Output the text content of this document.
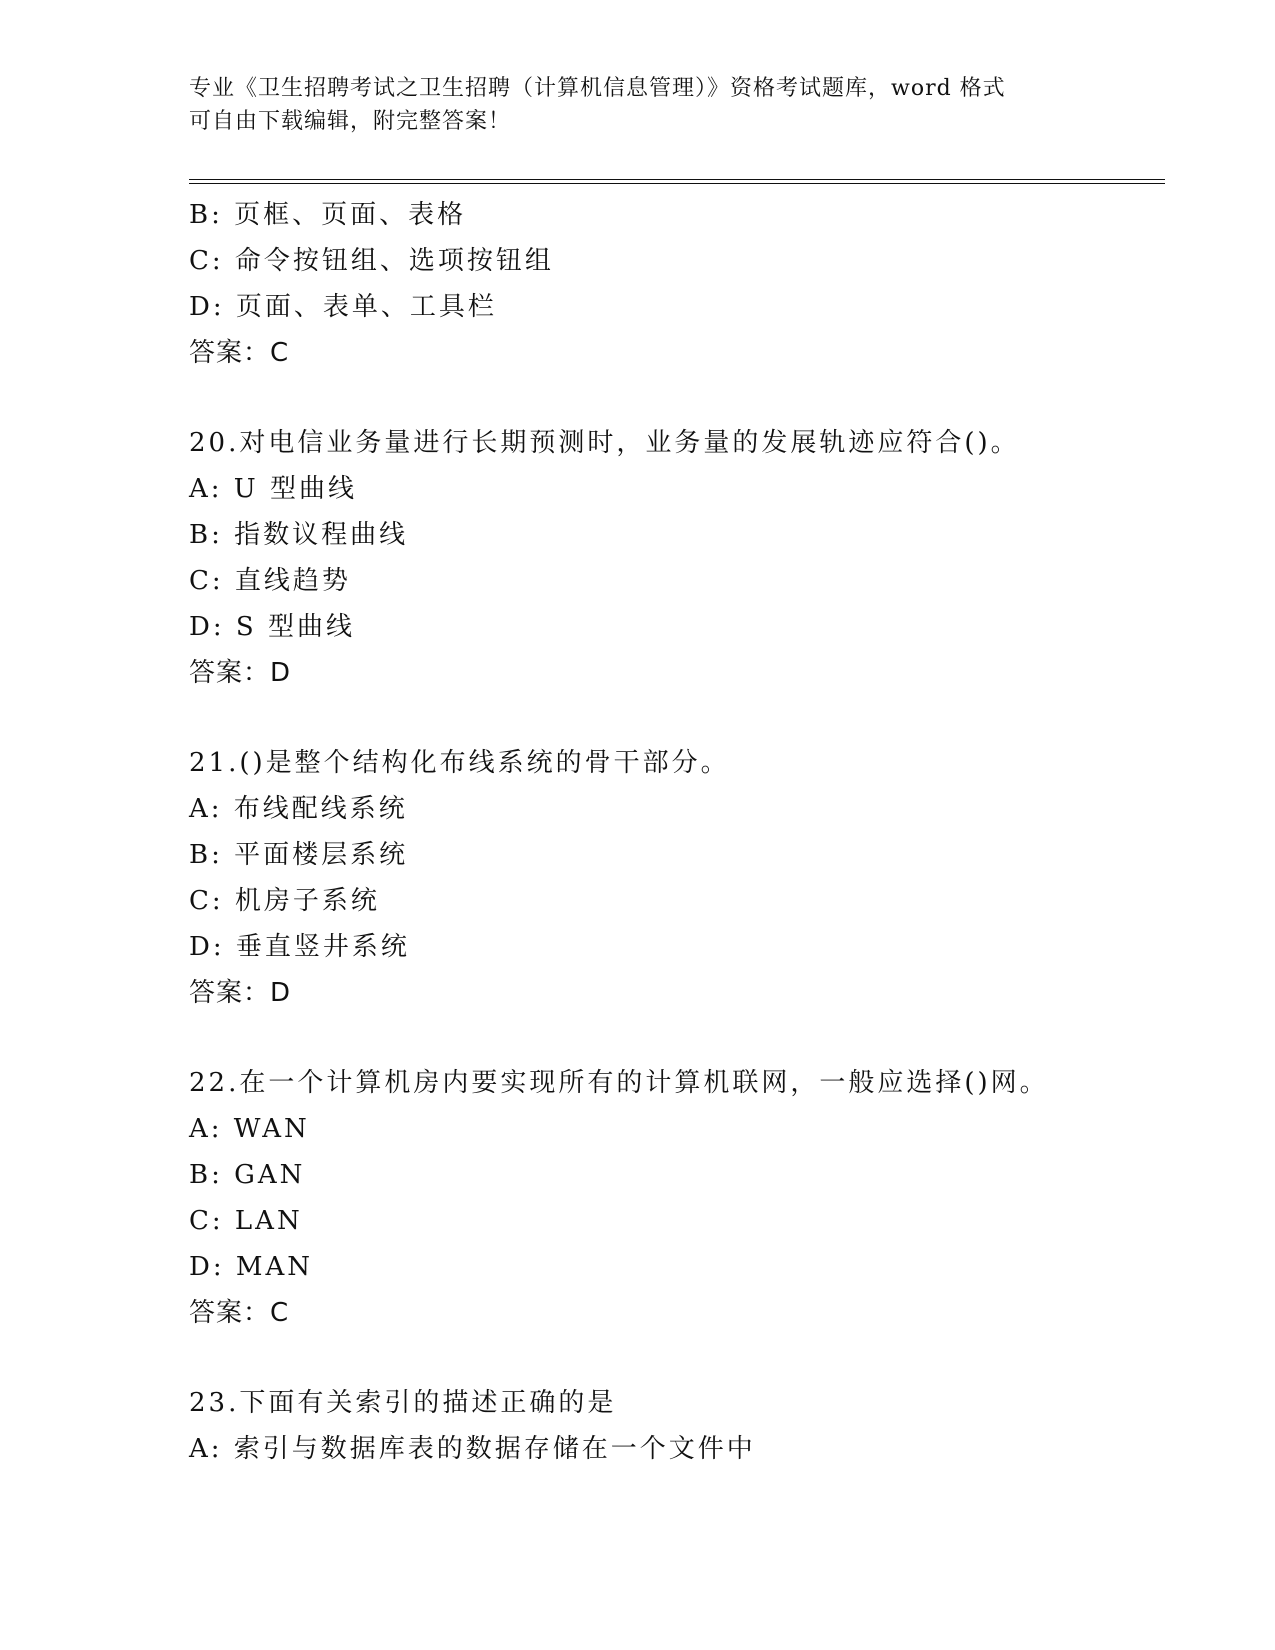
专业《卫生招聘考试之卫生招聘（计算机信息管理）》资格考试题库，word 格式
可自由下载编辑，附完整答案！
B: 页框、页面、表格
C: 命令按钮组、选项按钮组
D: 页面、表单、工具栏
答案：C
20.对电信业务量进行长期预测时，业务量的发展轨迹应符合()。
A: U 型曲线
B: 指数议程曲线
C: 直线趋势
D: S 型曲线
答案：D
21.()是整个结构化布线系统的骨干部分。
A: 布线配线系统
B: 平面楼层系统
C: 机房子系统
D: 垂直竖井系统
答案：D
22.在一个计算机房内要实现所有的计算机联网，一般应选择()网。
A: WAN
B: GAN
C: LAN
D: MAN
答案：C
23.下面有关索引的描述正确的是
A: 索引与数据库表的数据存储在一个文件中
